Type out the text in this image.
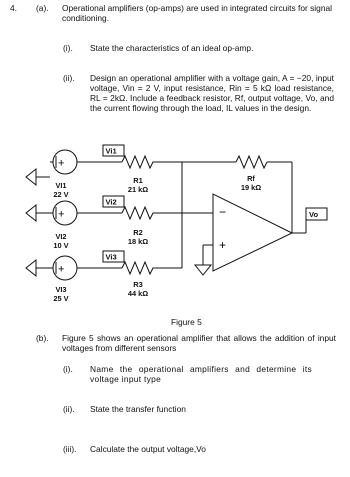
4. (a). Operational amplifiers (op-amps) are used in integrated circuits for signal conditioning.
(i). State the characteristics of an ideal op-amp.
(ii). Design an operational amplifier with a voltage gain, A = −20, input voltage, Vin = 2 V, input resistance, Rin = 5 kΩ load resistance, RL = 2kΩ. Include a feedback resistor, Rf, output voltage, Vo, and the current flowing through the load, IL values in the design.
Vi1
Vi2
Vi3
Vo
+
+
+
VI1
22 V
VI2
10 V
VI3
25 V
R1
21 kΩ
R2
18 kΩ
R3
44 kΩ
Rf
19 kΩ
−
+
Figure 5
(b). Figure 5 shows an operational amplifier that allows the addition of input voltages from different sensors
(i). Name the operational amplifiers and determine its voltage input type
(ii). State the transfer function
(iii). Calculate the output voltage,Vo
